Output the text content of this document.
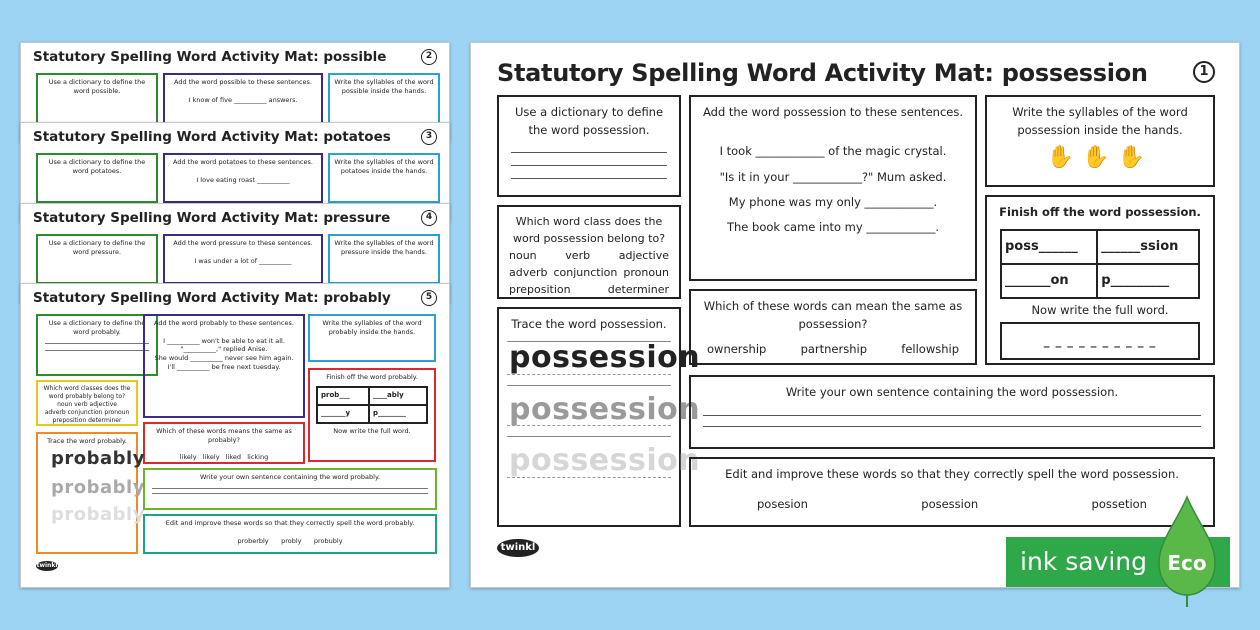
Statutory Spelling Word Activity Mat: possible	2
Use a dictionary to define the word possible.
Add the word possible to these sentences.

I know of five __________ answers.
Write the syllables of the word possible inside the hands.
Statutory Spelling Word Activity Mat: potatoes	3
Use a dictionary to define the word potatoes.
Add the word potatoes to these sentences.

I love eating roast __________
Write the syllables of the word potatoes inside the hands.
Statutory Spelling Word Activity Mat: pressure	4
Use a dictionary to define the word pressure.
Add the word pressure to these sentences.

I was under a lot of __________
Write the syllables of the word pressure inside the hands.
Statutory Spelling Word Activity Mat: probably	5
Use a dictionary to define the word probably.
Add the word probably to these sentences.

I __________ won't be able to eat it all.
"__________," replied Anise.
She would __________ never see him again.
I'll __________ be free next tuesday.
Write the syllables of the word probably inside the hands.
Which word classes does the word probably belong to?
noun verb adjective
adverb conjunction pronoun
preposition determiner
Finish off the word probably.
prob___	____ably
_______y	p________
Now write the full word.
Which of these words means the same as probably?

likely likely liked licking
Trace the word probably.
probably
probably
probably
Write your own sentence containing the word probably.
Edit and improve these words so that they correctly spell the word probably.

proberbly probly probubly
twinkl
Statutory Spelling Word Activity Mat: possession	1
Use a dictionary to define the word possession.
Add the word possession to these sentences.
I took ____________ of the magic crystal.
"Is it in your ____________?" Mum asked.
My phone was my only ____________.
The book came into my ____________.
Write the syllables of the word possession inside the hands.
✋✋✋
Which word class does the word possession belong to?
noun	verb	adjective
adverb conjunction pronoun
preposition	determiner
Finish off the word possession.
poss______	______ssion
_______on	p_________
Now write the full word.
_ _ _ _ _ _ _ _ _ _
Which of these words can mean the same as possession?
ownership	partnership	fellowship
Trace the word possession.
possession
possession
possession
Write your own sentence containing the word possession.
Edit and improve these words so that they correctly spell the word possession.
posesion	posession	possetion
twinkl	ink saving	Eco
